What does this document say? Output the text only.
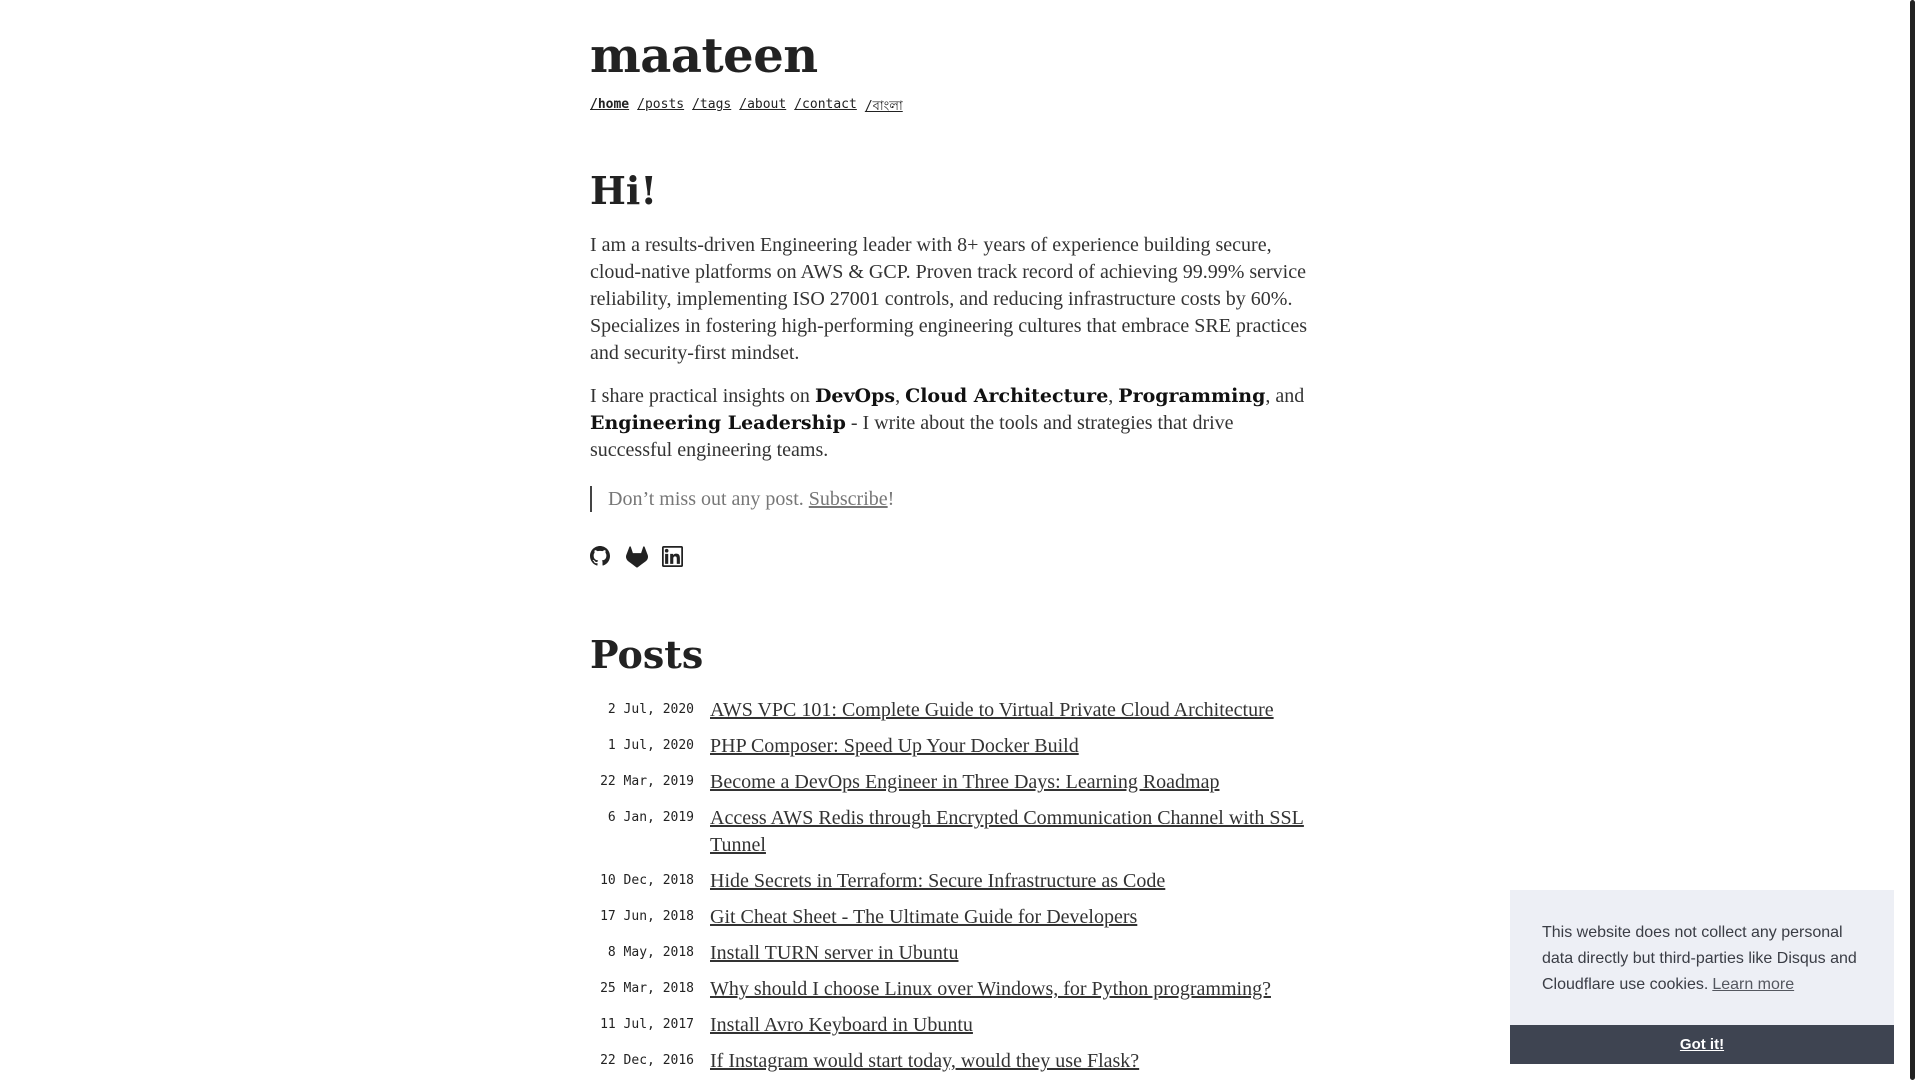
maateen
/home /posts /tags /about /contact /বাংলা
Hi!

I am a results-driven Engineering leader with 8+ years of experience building secure, cloud-native platforms on AWS & GCP. Proven track record of achieving 99.99% service reliability, implementing ISO 27001 controls, and reducing infrastructure costs by 60%. Specializes in fostering high-performing engineering cultures that embrace SRE practices and security-first mindset.

I share practical insights on DevOps, Cloud Architecture, Programming, and Engineering Leadership - I write about the tools and strategies that drive successful engineering teams.

Don’t miss out any post. Subscribe!
Posts
2 Jul, 2020 AWS VPC 101: Complete Guide to Virtual Private Cloud Architecture
1 Jul, 2020 PHP Composer: Speed Up Your Docker Build
22 Mar, 2019 Become a DevOps Engineer in Three Days: Learning Roadmap
6 Jan, 2019 Access AWS Redis through Encrypted Communication Channel with SSL Tunnel
10 Dec, 2018 Hide Secrets in Terraform: Secure Infrastructure as Code
17 Jun, 2018 Git Cheat Sheet - The Ultimate Guide for Developers
8 May, 2018 Install TURN server in Ubuntu
25 Mar, 2018 Why should I choose Linux over Windows, for Python programming?
11 Jul, 2017 Install Avro Keyboard in Ubuntu
22 Dec, 2016 If Instagram would start today, would they use Flask?
This website does not collect any personal data directly but third-parties like Disqus and Cloudflare use cookies. Learn more
Got it!
